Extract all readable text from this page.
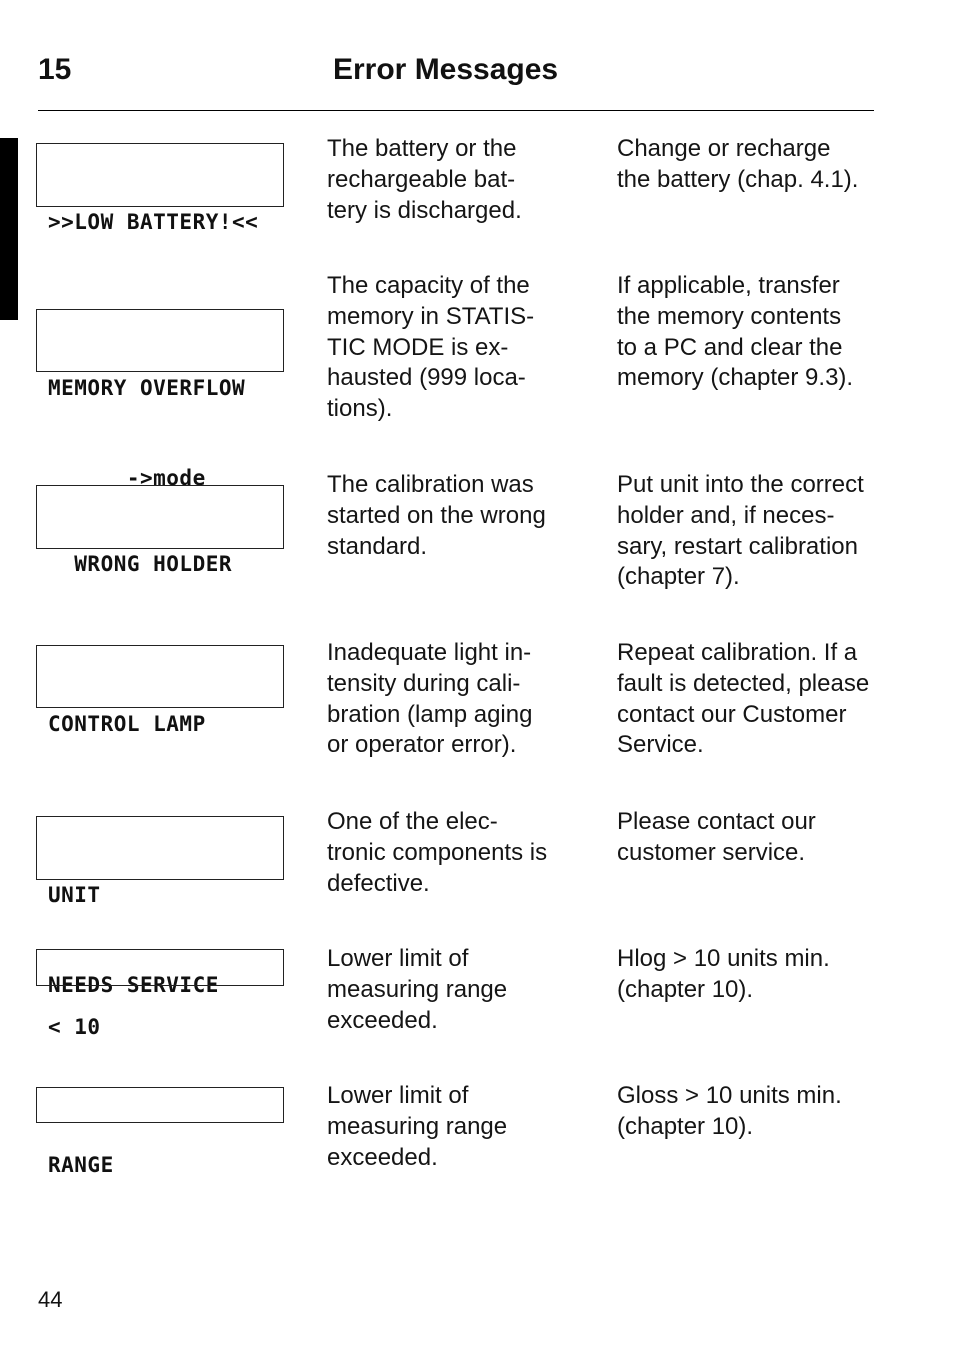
15	Error Messages

>>LOW BATTERY!<<

The battery or the
rechargeable bat-
tery is discharged.
Change or recharge
the battery (chap. 4.1).

MEMORY OVERFLOW

->mode

The capacity of the
memory in STATIS-
TIC MODE is ex-
hausted (999 loca-
tions).
If applicable, transfer
the memory contents
to a PC and clear the
memory (chapter 9.3).

WRONG HOLDER

The calibration was
started on the wrong
standard.
Put unit into the correct
holder and, if neces-
sary, restart calibration
(chapter 7).

CONTROL LAMP

Inadequate light in-
tensity during cali-
bration (lamp aging
or operator error).
Repeat calibration. If a
fault is detected, please
contact our Customer
Service.

UNIT

NEEDS SERVICE

One of the elec-
tronic components is
defective.
Please contact our
customer service.

< 10

Lower limit of
measuring range
exceeded.
Hlog > 10 units min.
(chapter 10).

RANGE

Lower limit of
measuring range
exceeded.
Gloss > 10 units min.
(chapter 10).
44
